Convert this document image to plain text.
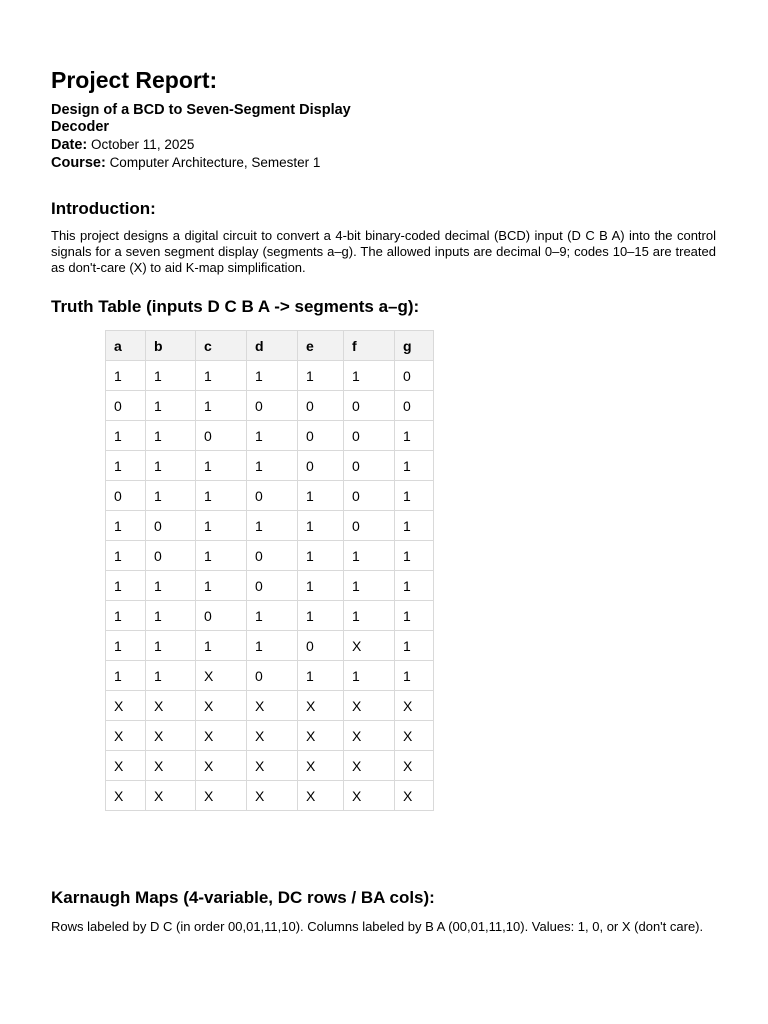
Project Report:
Design of a BCD to Seven-Segment Display Decoder
Date: October 11, 2025
Course: Computer Architecture, Semester 1
Introduction:

This project designs a digital circuit to convert a 4-bit binary-coded decimal (BCD) input (D C B A) into the control signals for a seven segment display (segments a–g). The allowed inputs are decimal 0–9; codes 10–15 are treated as don't-care (X) to aid K-map simplification.

Truth Table (inputs D C B A -> segments a–g):
a	b	c	d	e	f	g
1	1	1	1	1	1	0
0	1	1	0	0	0	0
1	1	0	1	0	0	1
1	1	1	1	0	0	1
0	1	1	0	1	0	1
1	0	1	1	1	0	1
1	0	1	0	1	1	1
1	1	1	0	1	1	1
1	1	0	1	1	1	1
1	1	1	1	0	X	1
1	1	X	0	1	1	1
X	X	X	X	X	X	X
X	X	X	X	X	X	X
X	X	X	X	X	X	X
X	X	X	X	X	X	X
Karnaugh Maps (4-variable, DC rows / BA cols):

Rows labeled by D C (in order 00,01,11,10). Columns labeled by B A (00,01,11,10). Values: 1, 0, or X (don't care).
